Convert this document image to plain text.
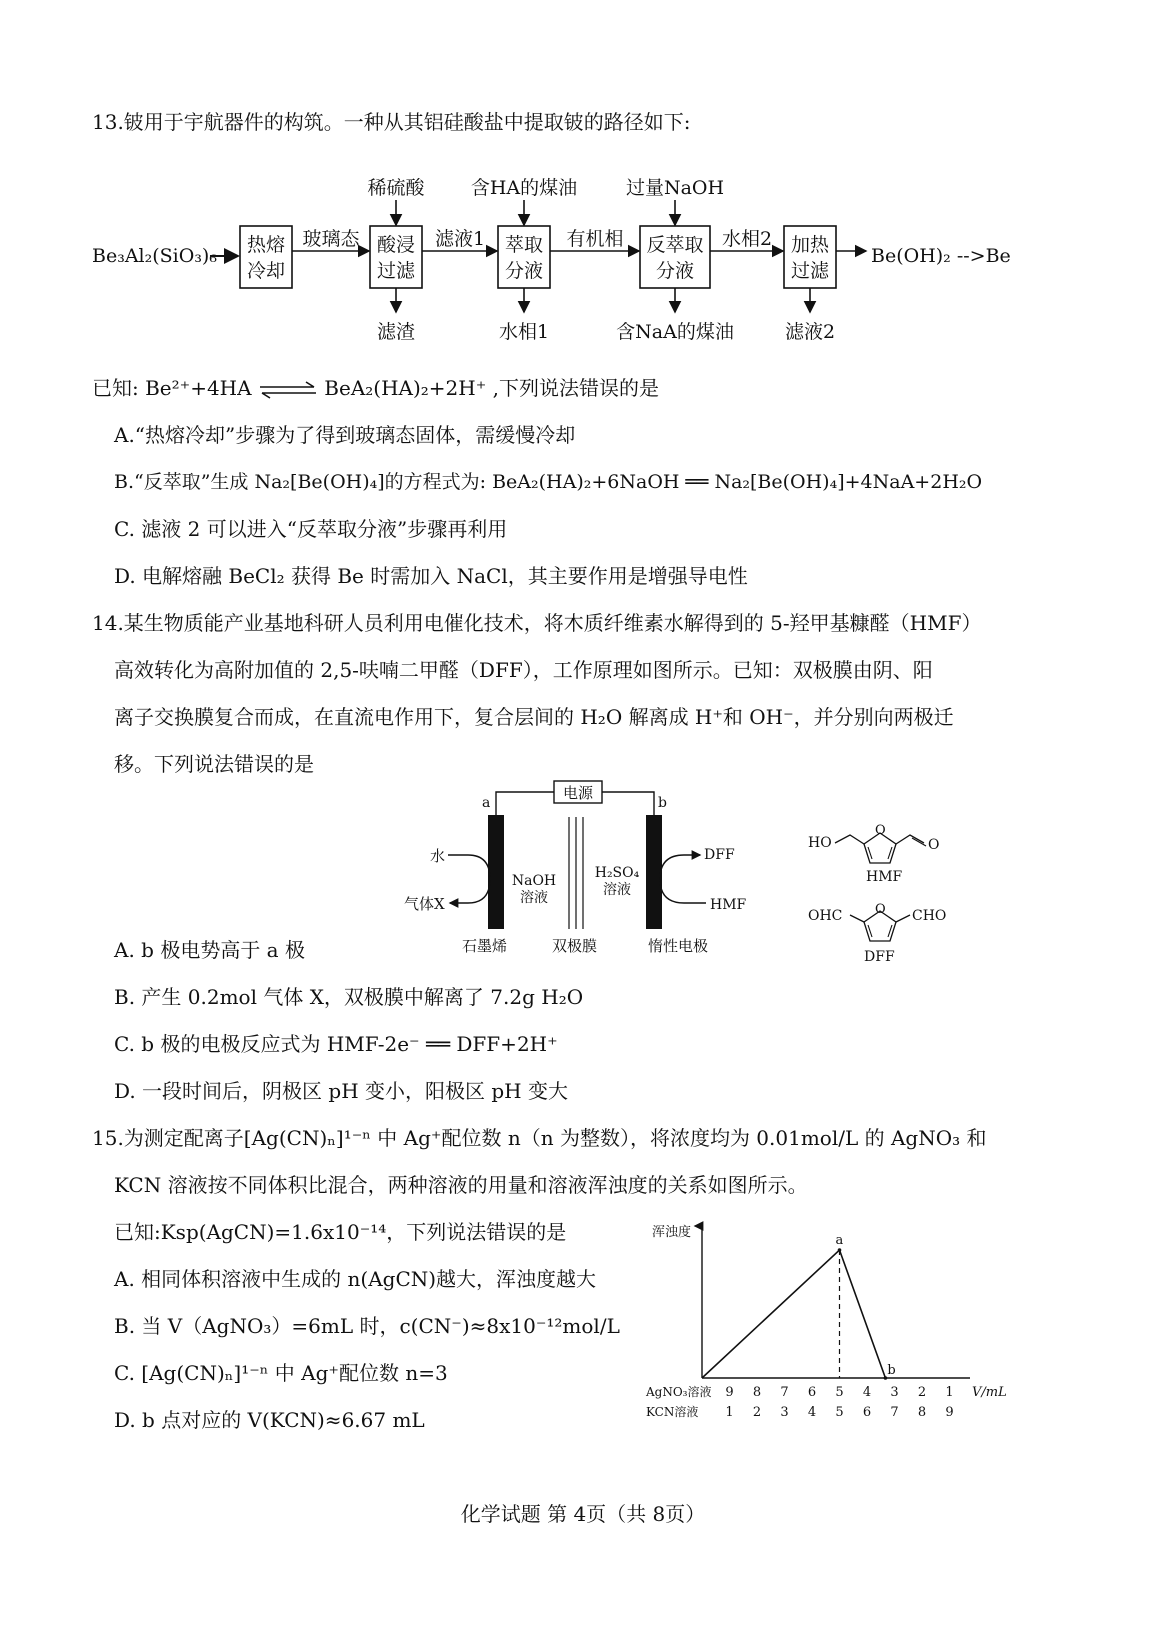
13.铍用于宇航器件的构筑。一种从其铝硅酸盐中提取铍的路径如下:
Be₃Al₂(SiO₃)₆ 热熔
冷却
玻璃态 酸浸
过滤
滤液1 萃取
分液
有机相 反萃取
分液
水相2 加热
过滤
稀硫酸 含HA的煤油	过量NaOH
滤渣	水相1	含NaA的煤油	滤液2
Be(OH)₂ -->Be
已知: Be²⁺+4HA ⇌ BeA₂(HA)₂+2H⁺ ,下列说法错误的是
A.“热熔冷却”步骤为了得到玻璃态固体，需缓慢冷却
B.“反萃取”生成 Na₂[Be(OH)₄]的方程式为: BeA₂(HA)₂+6NaOH ══ Na₂[Be(OH)₄]+4NaA+2H₂O
C. 滤液 2 可以进入“反萃取分液”步骤再利用
D. 电解熔融 BeCl₂ 获得 Be 时需加入 NaCl，其主要作用是增强导电性
14.某生物质能产业基地科研人员利用电催化技术，将木质纤维素水解得到的 5-羟甲基糠醛（HMF）
高效转化为高附加值的 2,5-呋喃二甲醛（DFF），工作原理如图所示。已知：双极膜由阴、阳
离子交换膜复合而成，在直流电作用下，复合层间的 H₂O 解离成 H⁺和 OH⁻，并分别向两极迁
移。下列说法错误的是
电源
a	b
水
气体X
DFF
HMF
NaOH
溶液
H₂SO₄
溶液
石墨烯	双极膜	惰性电极
HO
O
O
HMF
OHC	CHO
O
DFF
A. b 极电势高于 a 极
B. 产生 0.2mol 气体 X，双极膜中解离了 7.2g H₂O
C. b 极的电极反应式为 HMF-2e⁻ ══ DFF+2H⁺
D. 一段时间后，阴极区 pH 变小，阳极区 pH 变大
15.为测定配离子[Ag(CN)ₙ]¹⁻ⁿ 中 Ag⁺配位数 n（n 为整数），将浓度均为 0.01mol/L 的 AgNO₃ 和
KCN 溶液按不同体积比混合，两种溶液的用量和溶液浑浊度的关系如图所示。
已知:Ksp(AgCN)=1.6x10⁻¹⁴，下列说法错误的是
A. 相同体积溶液中生成的 n(AgCN)越大，浑浊度越大
B. 当 V（AgNO₃）=6mL 时，c(CN⁻)≈8x10⁻¹²mol/L
C. [Ag(CN)ₙ]¹⁻ⁿ 中 Ag⁺配位数 n=3
D. b 点对应的 V(KCN)≈6.67 mL
浑浊度
V/mL
AgNO₃溶液
KCN溶液
9 8 7 6 5 4 3 2 1
1 2 3 4 5 6 7 8 9
a
b
化学试题 第 4页（共 8页）
